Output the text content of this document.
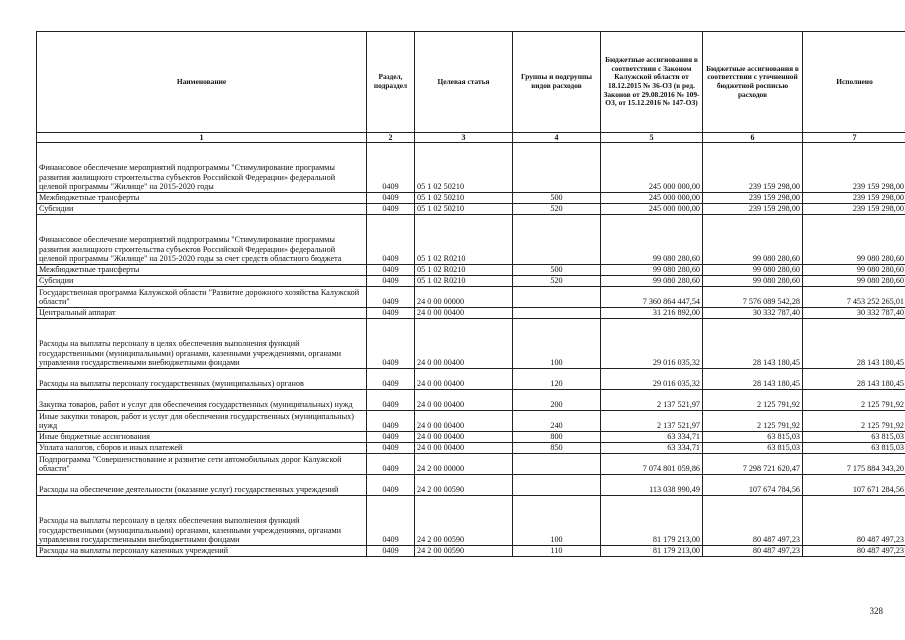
Наименование	Раздел, подраздел	Целевая статья	Группы и подгруппы видов расходов	Бюджетные ассигнования в соответствии с Законом Калужской области от 18.12.2015 № 36-ОЗ (в ред. Законов от 29.08.2016 № 109-ОЗ, от 15.12.2016 № 147-ОЗ)	Бюджетные ассигнования в соответствии с уточненной бюджетной росписью расходов	Исполнено
1	2	3	4	5	6	7
Финансовое обеспечение мероприятий подпрограммы "Стимулирование программы развития жилищного строительства субъектов Российской Федерации» федеральной целевой программы "Жилище" на 2015-2020 годы	0409	05 1 02 50210		245 000 000,00	239 159 298,00	239 159 298,00
Межбюджетные трансферты	0409	05 1 02 50210	500	245 000 000,00	239 159 298,00	239 159 298,00
Субсидии	0409	05 1 02 50210	520	245 000 000,00	239 159 298,00	239 159 298,00
Финансовое обеспечение мероприятий подпрограммы "Стимулирование программы развития жилищного строительства субъектов Российской Федерации» федеральной целевой программы "Жилище" на 2015-2020 годы за счет средств областного бюджета	0409	05 1 02 R0210		99 080 280,60	99 080 280,60	99 080 280,60
Межбюджетные трансферты	0409	05 1 02 R0210	500	99 080 280,60	99 080 280,60	99 080 280,60
Субсидии	0409	05 1 02 R0210	520	99 080 280,60	99 080 280,60	99 080 280,60
Государственная программа Калужской области "Развитие дорожного хозяйства Калужской области"	0409	24 0 00 00000		7 360 864 447,54	7 576 089 542,28	7 453 252 265,01
Центральный аппарат	0409	24 0 00 00400		31 216 892,00	30 332 787,40	30 332 787,40
Расходы на выплаты персоналу в целях обеспечения выполнения функций государственными (муниципальными) органами, казенными учреждениями, органами управления государственными внебюджетными фондами	0409	24 0 00 00400	100	29 016 035,32	28 143 180,45	28 143 180,45
Расходы на выплаты персоналу государственных (муниципальных) органов	0409	24 0 00 00400	120	29 016 035,32	28 143 180,45	28 143 180,45
Закупка товаров, работ и услуг для обеспечения государственных (муниципальных) нужд	0409	24 0 00 00400	200	2 137 521,97	2 125 791,92	2 125 791,92
Иные закупки товаров, работ и услуг для обеспечения государственных (муниципальных) нужд	0409	24 0 00 00400	240	2 137 521,97	2 125 791,92	2 125 791,92
Иные бюджетные ассигнования	0409	24 0 00 00400	800	63 334,71	63 815,03	63 815,03
Уплата налогов, сборов и иных платежей	0409	24 0 00 00400	850	63 334,71	63 815,03	63 815,03
Подпрограмма "Совершенствование и развитие сети автомобильных дорог Калужской области"	0409	24 2 00 00000		7 074 801 059,86	7 298 721 620,47	7 175 884 343,20
Расходы на обеспечение деятельности (оказание услуг) государственных учреждений	0409	24 2 00 00590		113 038 990,49	107 674 784,56	107 671 284,56
Расходы на выплаты персоналу в целях обеспечения выполнения функций государственными (муниципальными) органами, казенными учреждениями, органами управления государственными внебюджетными фондами	0409	24 2 00 00590	100	81 179 213,00	80 487 497,23	80 487 497,23
Расходы на выплаты персоналу казенных учреждений	0409	24 2 00 00590	110	81 179 213,00	80 487 497,23	80 487 497,23
328
